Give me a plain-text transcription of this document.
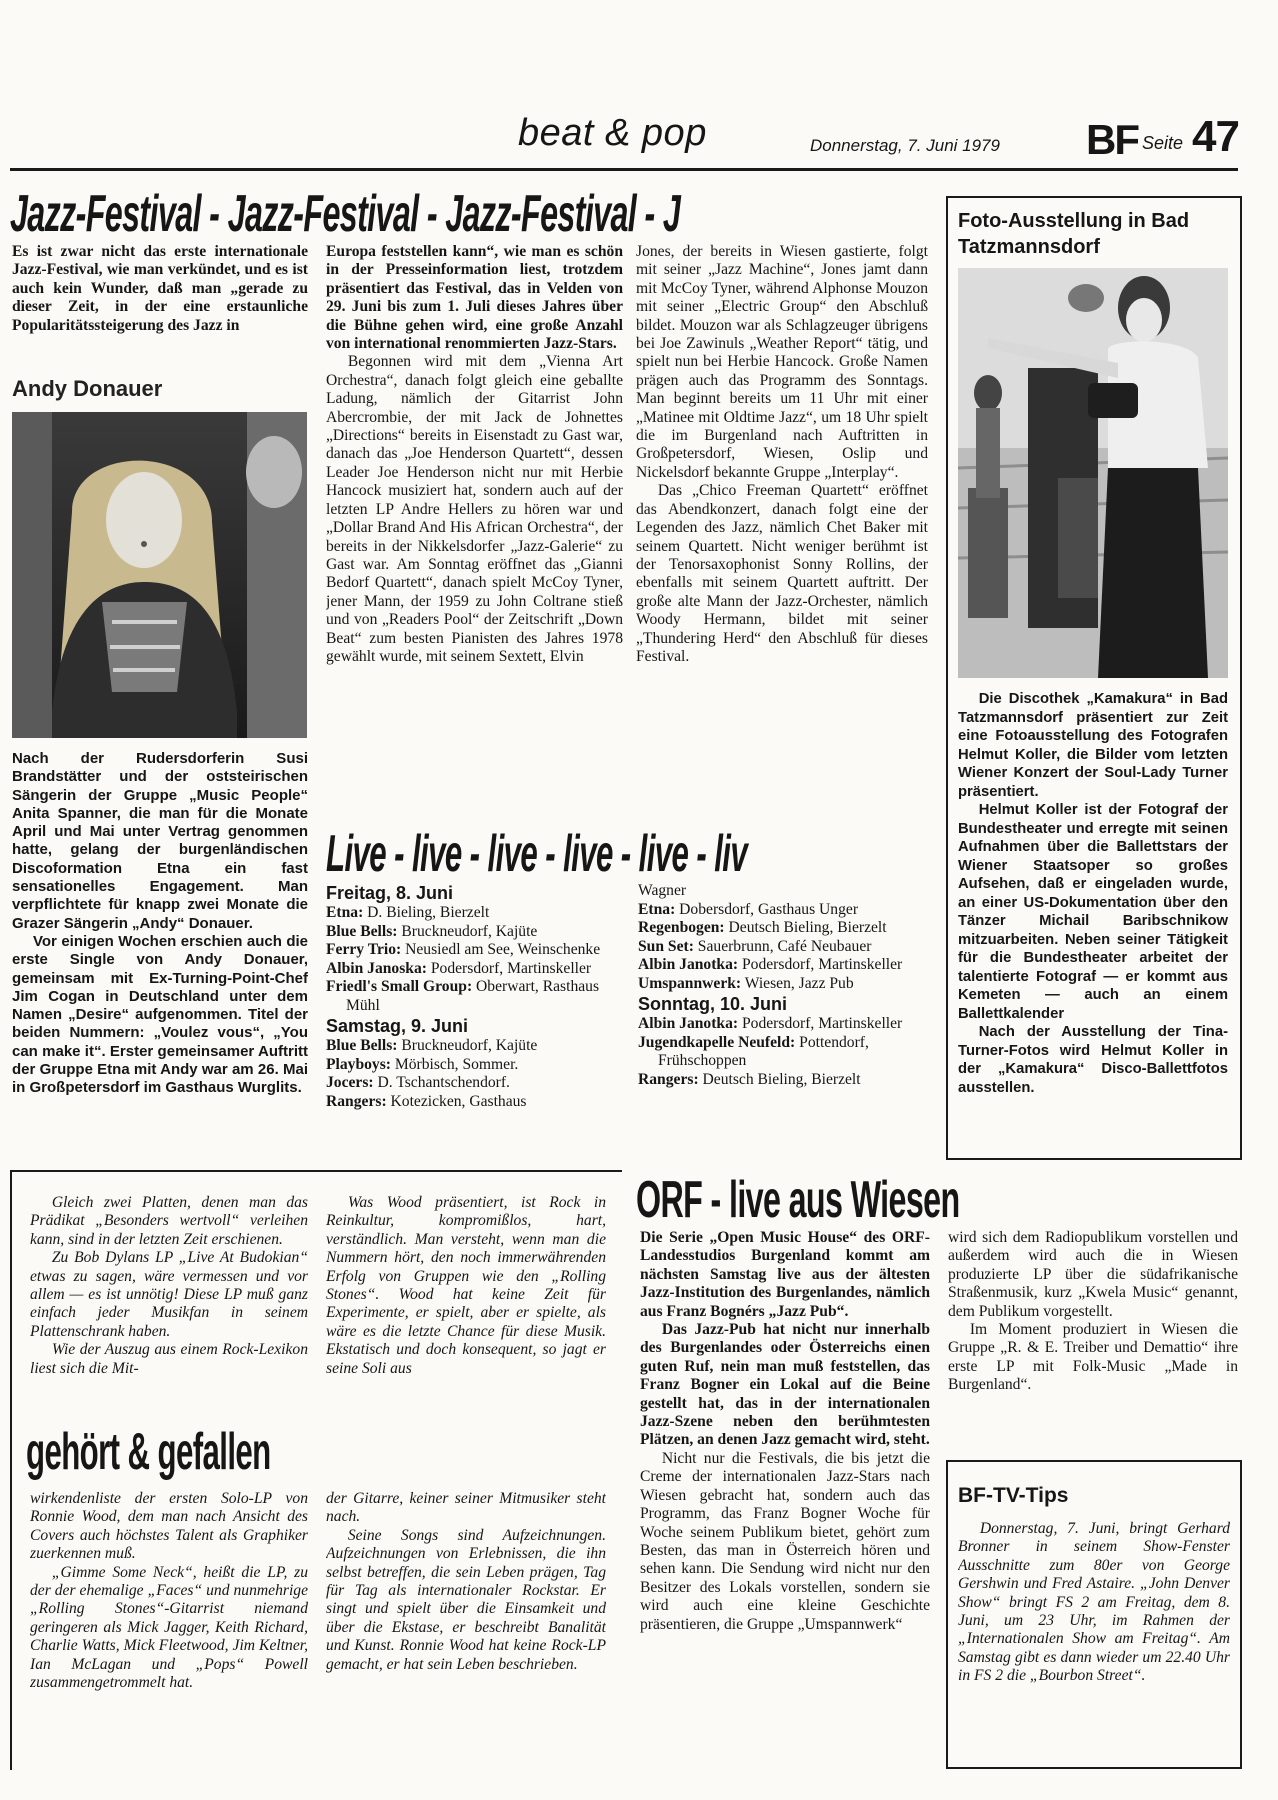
beat & pop	Donnerstag, 7. Juni 1979 BF Seite 47
Jazz-Festival - Jazz-Festival - Jazz-Festival - J

Es ist zwar nicht das erste internationale Jazz-Festival, wie man verkündet, und es ist auch kein Wunder, daß man „gerade zu dieser Zeit, in der eine erstaunliche Popularitätssteigerung des Jazz in

Andy Donauer

Nach der Rudersdorferin Susi Brandstätter und der oststeirischen Sängerin der Gruppe „Music People“ Anita Spanner, die man für die Monate April und Mai unter Vertrag genommen hatte, gelang der burgenländischen Discoformation Etna ein fast sensationelles Engagement. Man verpflichtete für knapp zwei Monate die Grazer Sängerin „Andy“ Donauer.

Vor einigen Wochen erschien auch die erste Single von Andy Donauer, gemeinsam mit Ex-Turning-Point-Chef Jim Cogan in Deutschland unter dem Namen „Desire“ aufgenommen. Titel der beiden Nummern: „Voulez vous“, „You can make it“. Erster gemeinsamer Auftritt der Gruppe Etna mit Andy war am 26. Mai in Großpetersdorf im Gasthaus Wurglits.

Europa feststellen kann“, wie man es schön in der Presseinformation liest, trotzdem präsentiert das Festival, das in Velden von 29. Juni bis zum 1. Juli dieses Jahres über die Bühne gehen wird, eine große Anzahl von international renommierten Jazz-Stars.

Begonnen wird mit dem „Vienna Art Orchestra“, danach folgt gleich eine geballte Ladung, nämlich der Gitarrist John Abercrombie, der mit Jack de Johnettes „Directions“ bereits in Eisenstadt zu Gast war, danach das „Joe Henderson Quartett“, dessen Leader Joe Henderson nicht nur mit Herbie Hancock musiziert hat, sondern auch auf der letzten LP Andre Hellers zu hören war und „Dollar Brand And His African Orchestra“, der bereits in der Nikkelsdorfer „Jazz-Galerie“ zu Gast war. Am Sonntag eröffnet das „Gianni Bedorf Quartett“, danach spielt McCoy Tyner, jener Mann, der 1959 zu John Coltrane stieß und von „Readers Pool“ der Zeitschrift „Down Beat“ zum besten Pianisten des Jahres 1978 gewählt wurde, mit seinem Sextett, Elvin

Jones, der bereits in Wiesen gastierte, folgt mit seiner „Jazz Machine“, Jones jamt dann mit McCoy Tyner, während Alphonse Mouzon mit seiner „Electric Group“ den Abschluß bildet. Mouzon war als Schlagzeuger übrigens bei Joe Zawinuls „Weather Report“ tätig, und spielt nun bei Herbie Hancock. Große Namen prägen auch das Programm des Sonntags. Man beginnt bereits um 11 Uhr mit einer „Matinee mit Oldtime Jazz“, um 18 Uhr spielt die im Burgenland nach Auftritten in Großpetersdorf, Wiesen, Oslip und Nickelsdorf bekannte Gruppe „Interplay“.

Das „Chico Freeman Quartett“ eröffnet das Abendkonzert, danach folgt eine der Legenden des Jazz, nämlich Chet Baker mit seinem Quartett. Nicht weniger berühmt ist der Tenorsaxophonist Sonny Rollins, der ebenfalls mit seinem Quartett auftritt. Der große alte Mann der Jazz-Orchester, nämlich Woody Hermann, bildet mit seiner „Thundering Herd“ den Abschluß für dieses Festival.

Foto-Ausstellung in Bad Tatzmannsdorf

Die Discothek „Kamakura“ in Bad Tatzmannsdorf präsentiert zur Zeit eine Fotoausstellung des Fotografen Helmut Koller, die Bilder vom letzten Wiener Konzert der Soul-Lady Turner präsentiert.

Helmut Koller ist der Fotograf der Bundestheater und erregte mit seinen Aufnahmen über die Ballettstars der Wiener Staatsoper so großes Aufsehen, daß er eingeladen wurde, an einer US-Dokumentation über den Tänzer Michail Baribschnikow mitzuarbeiten. Neben seiner Tätigkeit für die Bundestheater arbeitet der talentierte Fotograf — er kommt aus Kemeten — auch an einem Ballettkalender

Nach der Ausstellung der Tina-Turner-Fotos wird Helmut Koller in der „Kamakura“ Disco-Ballettfotos ausstellen.

Live - live - live - live - live - liv
Freitag, 8. Juni
Etna: D. Bieling, Bierzelt
Blue Bells: Bruckneudorf, Kajüte
Ferry Trio: Neusiedl am See, Weinschenke
Albin Janoska: Podersdorf, Martinskeller
Friedl's Small Group: Oberwart, Rasthaus Mühl
Samstag, 9. Juni
Blue Bells: Bruckneudorf, Kajüte
Playboys: Mörbisch, Sommer.
Jocers: D. Tschantschendorf.
Rangers: Kotezicken, Gasthaus
Wagner
Etna: Dobersdorf, Gasthaus Unger
Regenbogen: Deutsch Bieling, Bierzelt
Sun Set: Sauerbrunn, Café Neubauer
Albin Janotka: Podersdorf, Martinskeller
Umspannwerk: Wiesen, Jazz Pub
Sonntag, 10. Juni
Albin Janotka: Podersdorf, Martinskeller
Jugendkapelle Neufeld: Pottendorf, Frühschoppen
Rangers: Deutsch Bieling, Bierzelt

Gleich zwei Platten, denen man das Prädikat „Besonders wertvoll“ verleihen kann, sind in der letzten Zeit erschienen.

Zu Bob Dylans LP „Live At Budokian“ etwas zu sagen, wäre vermessen und vor allem — es ist unnötig! Diese LP muß ganz einfach jeder Musikfan in seinem Plattenschrank haben.

Wie der Auszug aus einem Rock-Lexikon liest sich die Mit-

Was Wood präsentiert, ist Rock in Reinkultur, kompromißlos, hart, verständlich. Man versteht, wenn man die Nummern hört, den noch immerwährenden Erfolg von Gruppen wie den „Rolling Stones“. Wood hat keine Zeit für Experimente, er spielt, aber er spielte, als wäre es die letzte Chance für diese Musik. Ekstatisch und doch konsequent, so jagt er seine Soli aus

gehört & gefallen

wirkendenliste der ersten Solo-LP von Ronnie Wood, dem man nach Ansicht des Covers auch höchstes Talent als Graphiker zuerkennen muß.

„Gimme Some Neck“, heißt die LP, zu der der ehemalige „Faces“ und nunmehrige „Rolling Stones“-Gitarrist niemand geringeren als Mick Jagger, Keith Richard, Charlie Watts, Mick Fleetwood, Jim Keltner, Ian McLagan und „Pops“ Powell zusammengetrommelt hat.

der Gitarre, keiner seiner Mitmusiker steht nach.

Seine Songs sind Aufzeichnungen. Aufzeichnungen von Erlebnissen, die ihn selbst betreffen, die sein Leben prägen, Tag für Tag als internationaler Rockstar. Er singt und spielt über die Einsamkeit und über die Ekstase, er beschreibt Banalität und Kunst. Ronnie Wood hat keine Rock-LP gemacht, er hat sein Leben beschrieben.

ORF - live aus Wiesen

Die Serie „Open Music House“ des ORF-Landesstudios Burgenland kommt am nächsten Samstag live aus der ältesten Jazz-Institution des Burgenlandes, nämlich aus Franz Bognérs „Jazz Pub“.

Das Jazz-Pub hat nicht nur innerhalb des Burgenlandes oder Österreichs einen guten Ruf, nein man muß feststellen, das Franz Bogner ein Lokal auf die Beine gestellt hat, das in der internationalen Jazz-Szene neben den berühmtesten Plätzen, an denen Jazz gemacht wird, steht.

Nicht nur die Festivals, die bis jetzt die Creme der internationalen Jazz-Stars nach Wiesen gebracht hat, sondern auch das Programm, das Franz Bogner Woche für Woche seinem Publikum bietet, gehört zum Besten, das man in Österreich hören und sehen kann. Die Sendung wird nicht nur den Besitzer des Lokals vorstellen, sondern sie wird auch eine kleine Geschichte präsentieren, die Gruppe „Umspannwerk“

wird sich dem Radiopublikum vorstellen und außerdem wird auch die in Wiesen produzierte LP über die südafrikanische Straßenmusik, kurz „Kwela Music“ genannt, dem Publikum vorgestellt.

Im Moment produziert in Wiesen die Gruppe „R. & E. Treiber und Demattio“ ihre erste LP mit Folk-Music „Made in Burgenland“.

BF-TV-Tips

Donnerstag, 7. Juni, bringt Gerhard Bronner in seinem Show-Fenster Ausschnitte zum 80er von George Gershwin und Fred Astaire. „John Denver Show“ bringt FS 2 am Freitag, dem 8. Juni, um 23 Uhr, im Rahmen der „Internationalen Show am Freitag“. Am Samstag gibt es dann wieder um 22.40 Uhr in FS 2 die „Bourbon Street“.
